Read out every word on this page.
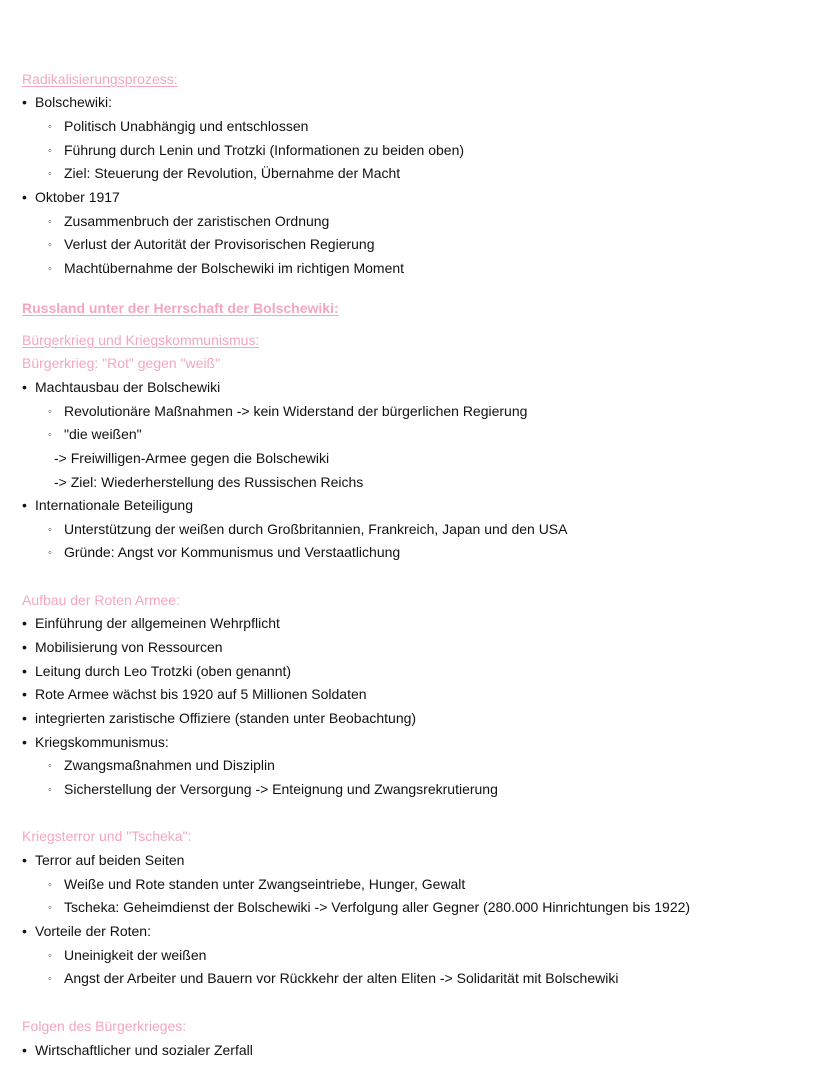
Radikalisierungsprozess:
• Bolschewiki:
◦ Politisch Unabhängig und entschlossen
◦ Führung durch Lenin und Trotzki (Informationen zu beiden oben)
◦ Ziel: Steuerung der Revolution, Übernahme der Macht
• Oktober 1917
◦ Zusammenbruch der zaristischen Ordnung
◦ Verlust der Autorität der Provisorischen Regierung
◦ Machtübernahme der Bolschewiki im richtigen Moment
Russland unter der Herrschaft der Bolschewiki:
Bürgerkrieg und Kriegskommunismus:
Bürgerkrieg: "Rot" gegen "weiß"
• Machtausbau der Bolschewiki
◦ Revolutionäre Maßnahmen -> kein Widerstand der bürgerlichen Regierung
◦ "die weißen"
-> Freiwilligen-Armee gegen die Bolschewiki
-> Ziel: Wiederherstellung des Russischen Reichs
• Internationale Beteiligung
◦ Unterstützung der weißen durch Großbritannien, Frankreich, Japan und den USA
◦ Gründe: Angst vor Kommunismus und Verstaatlichung
Aufbau der Roten Armee:
• Einführung der allgemeinen Wehrpflicht
• Mobilisierung von Ressourcen
• Leitung durch Leo Trotzki (oben genannt)
• Rote Armee wächst bis 1920 auf 5 Millionen Soldaten
• integrierten zaristische Offiziere (standen unter Beobachtung)
• Kriegskommunismus:
◦ Zwangsmaßnahmen und Disziplin
◦ Sicherstellung der Versorgung -> Enteignung und Zwangsrekrutierung
Kriegsterror und "Tscheka":
• Terror auf beiden Seiten
◦ Weiße und Rote standen unter Zwangseintriebe, Hunger, Gewalt
◦ Tscheka: Geheimdienst der Bolschewiki -> Verfolgung aller Gegner (280.000 Hinrichtungen bis 1922)
• Vorteile der Roten:
◦ Uneinigkeit der weißen
◦ Angst der Arbeiter und Bauern vor Rückkehr der alten Eliten -> Solidarität mit Bolschewiki
Folgen des Bürgerkrieges:
• Wirtschaftlicher und sozialer Zerfall
